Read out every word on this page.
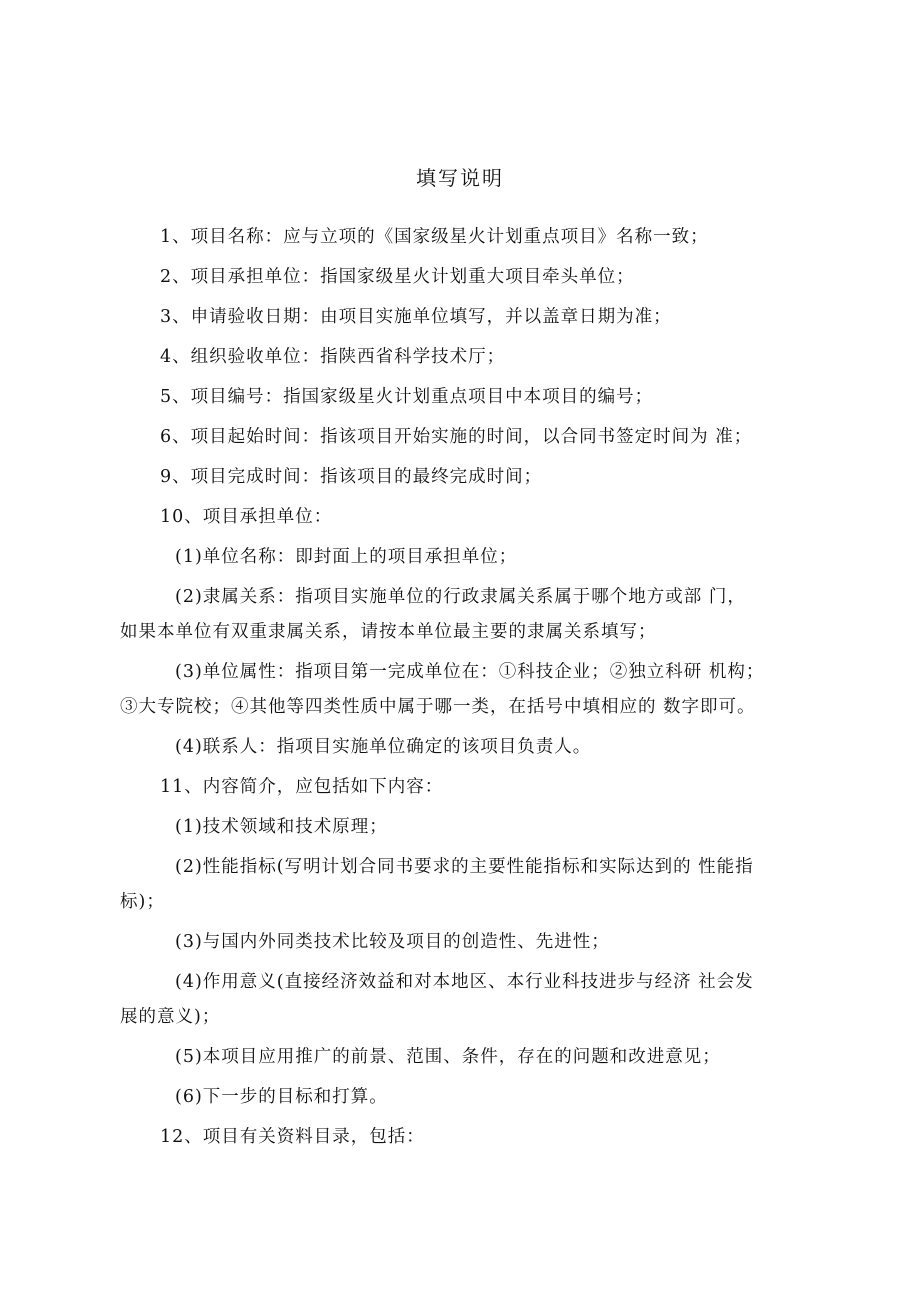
填写说明
1、项目名称：应与立项的《国家级星火计划重点项目》名称一致；
2、项目承担单位：指国家级星火计划重大项目牵头单位；
3、申请验收日期：由项目实施单位填写，并以盖章日期为准；
4、组织验收单位：指陕西省科学技术厅；
5、项目编号：指国家级星火计划重点项目中本项目的编号；
6、项目起始时间：指该项目开始实施的时间，以合同书签定时间为 准；
9、项目完成时间：指该项目的最终完成时间；
10、项目承担单位：
(1)单位名称：即封面上的项目承担单位；
(2)隶属关系：指项目实施单位的行政隶属关系属于哪个地方或部 门，
如果本单位有双重隶属关系，请按本单位最主要的隶属关系填写；
(3)单位属性：指项目第一完成单位在：①科技企业；②独立科研 机构；
③大专院校；④其他等四类性质中属于哪一类，在括号中填相应的 数字即可。
(4)联系人：指项目实施单位确定的该项目负责人。
11、内容简介，应包括如下内容：
(1)技术领域和技术原理；
(2)性能指标(写明计划合同书要求的主要性能指标和实际达到的 性能指
标)；
(3)与国内外同类技术比较及项目的创造性、先进性；
(4)作用意义(直接经济效益和对本地区、本行业科技进步与经济 社会发
展的意义)；
(5)本项目应用推广的前景、范围、条件，存在的问题和改进意见；
(6)下一步的目标和打算。
12、项目有关资料目录，包括：
